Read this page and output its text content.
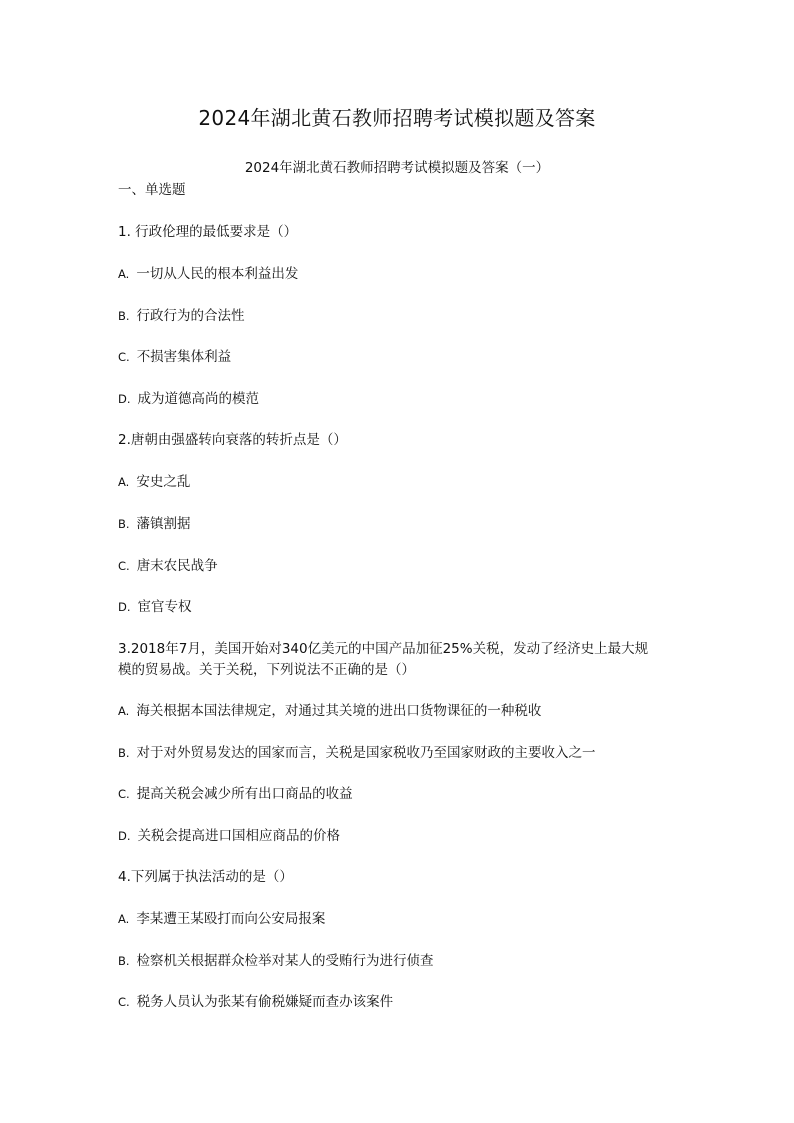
2024年湖北黄石教师招聘考试模拟题及答案
2024年湖北黄石教师招聘考试模拟题及答案（一）
一、单选题
1. 行政伦理的最低要求是（）
A. 一切从人民的根本利益出发
B. 行政行为的合法性
C. 不损害集体利益
D. 成为道德高尚的模范
2.唐朝由强盛转向衰落的转折点是（）
A. 安史之乱
B. 藩镇割据
C. 唐末农民战争
D. 宦官专权
3.2018年7月，美国开始对340亿美元的中国产品加征25%关税，发动了经济史上最大规
模的贸易战。关于关税，下列说法不正确的是（）
A. 海关根据本国法律规定，对通过其关境的进出口货物课征的一种税收
B. 对于对外贸易发达的国家而言，关税是国家税收乃至国家财政的主要收入之一
C. 提高关税会减少所有出口商品的收益
D. 关税会提高进口国相应商品的价格
4.下列属于执法活动的是（）
A. 李某遭王某殴打而向公安局报案
B. 检察机关根据群众检举对某人的受贿行为进行侦查
C. 税务人员认为张某有偷税嫌疑而查办该案件
